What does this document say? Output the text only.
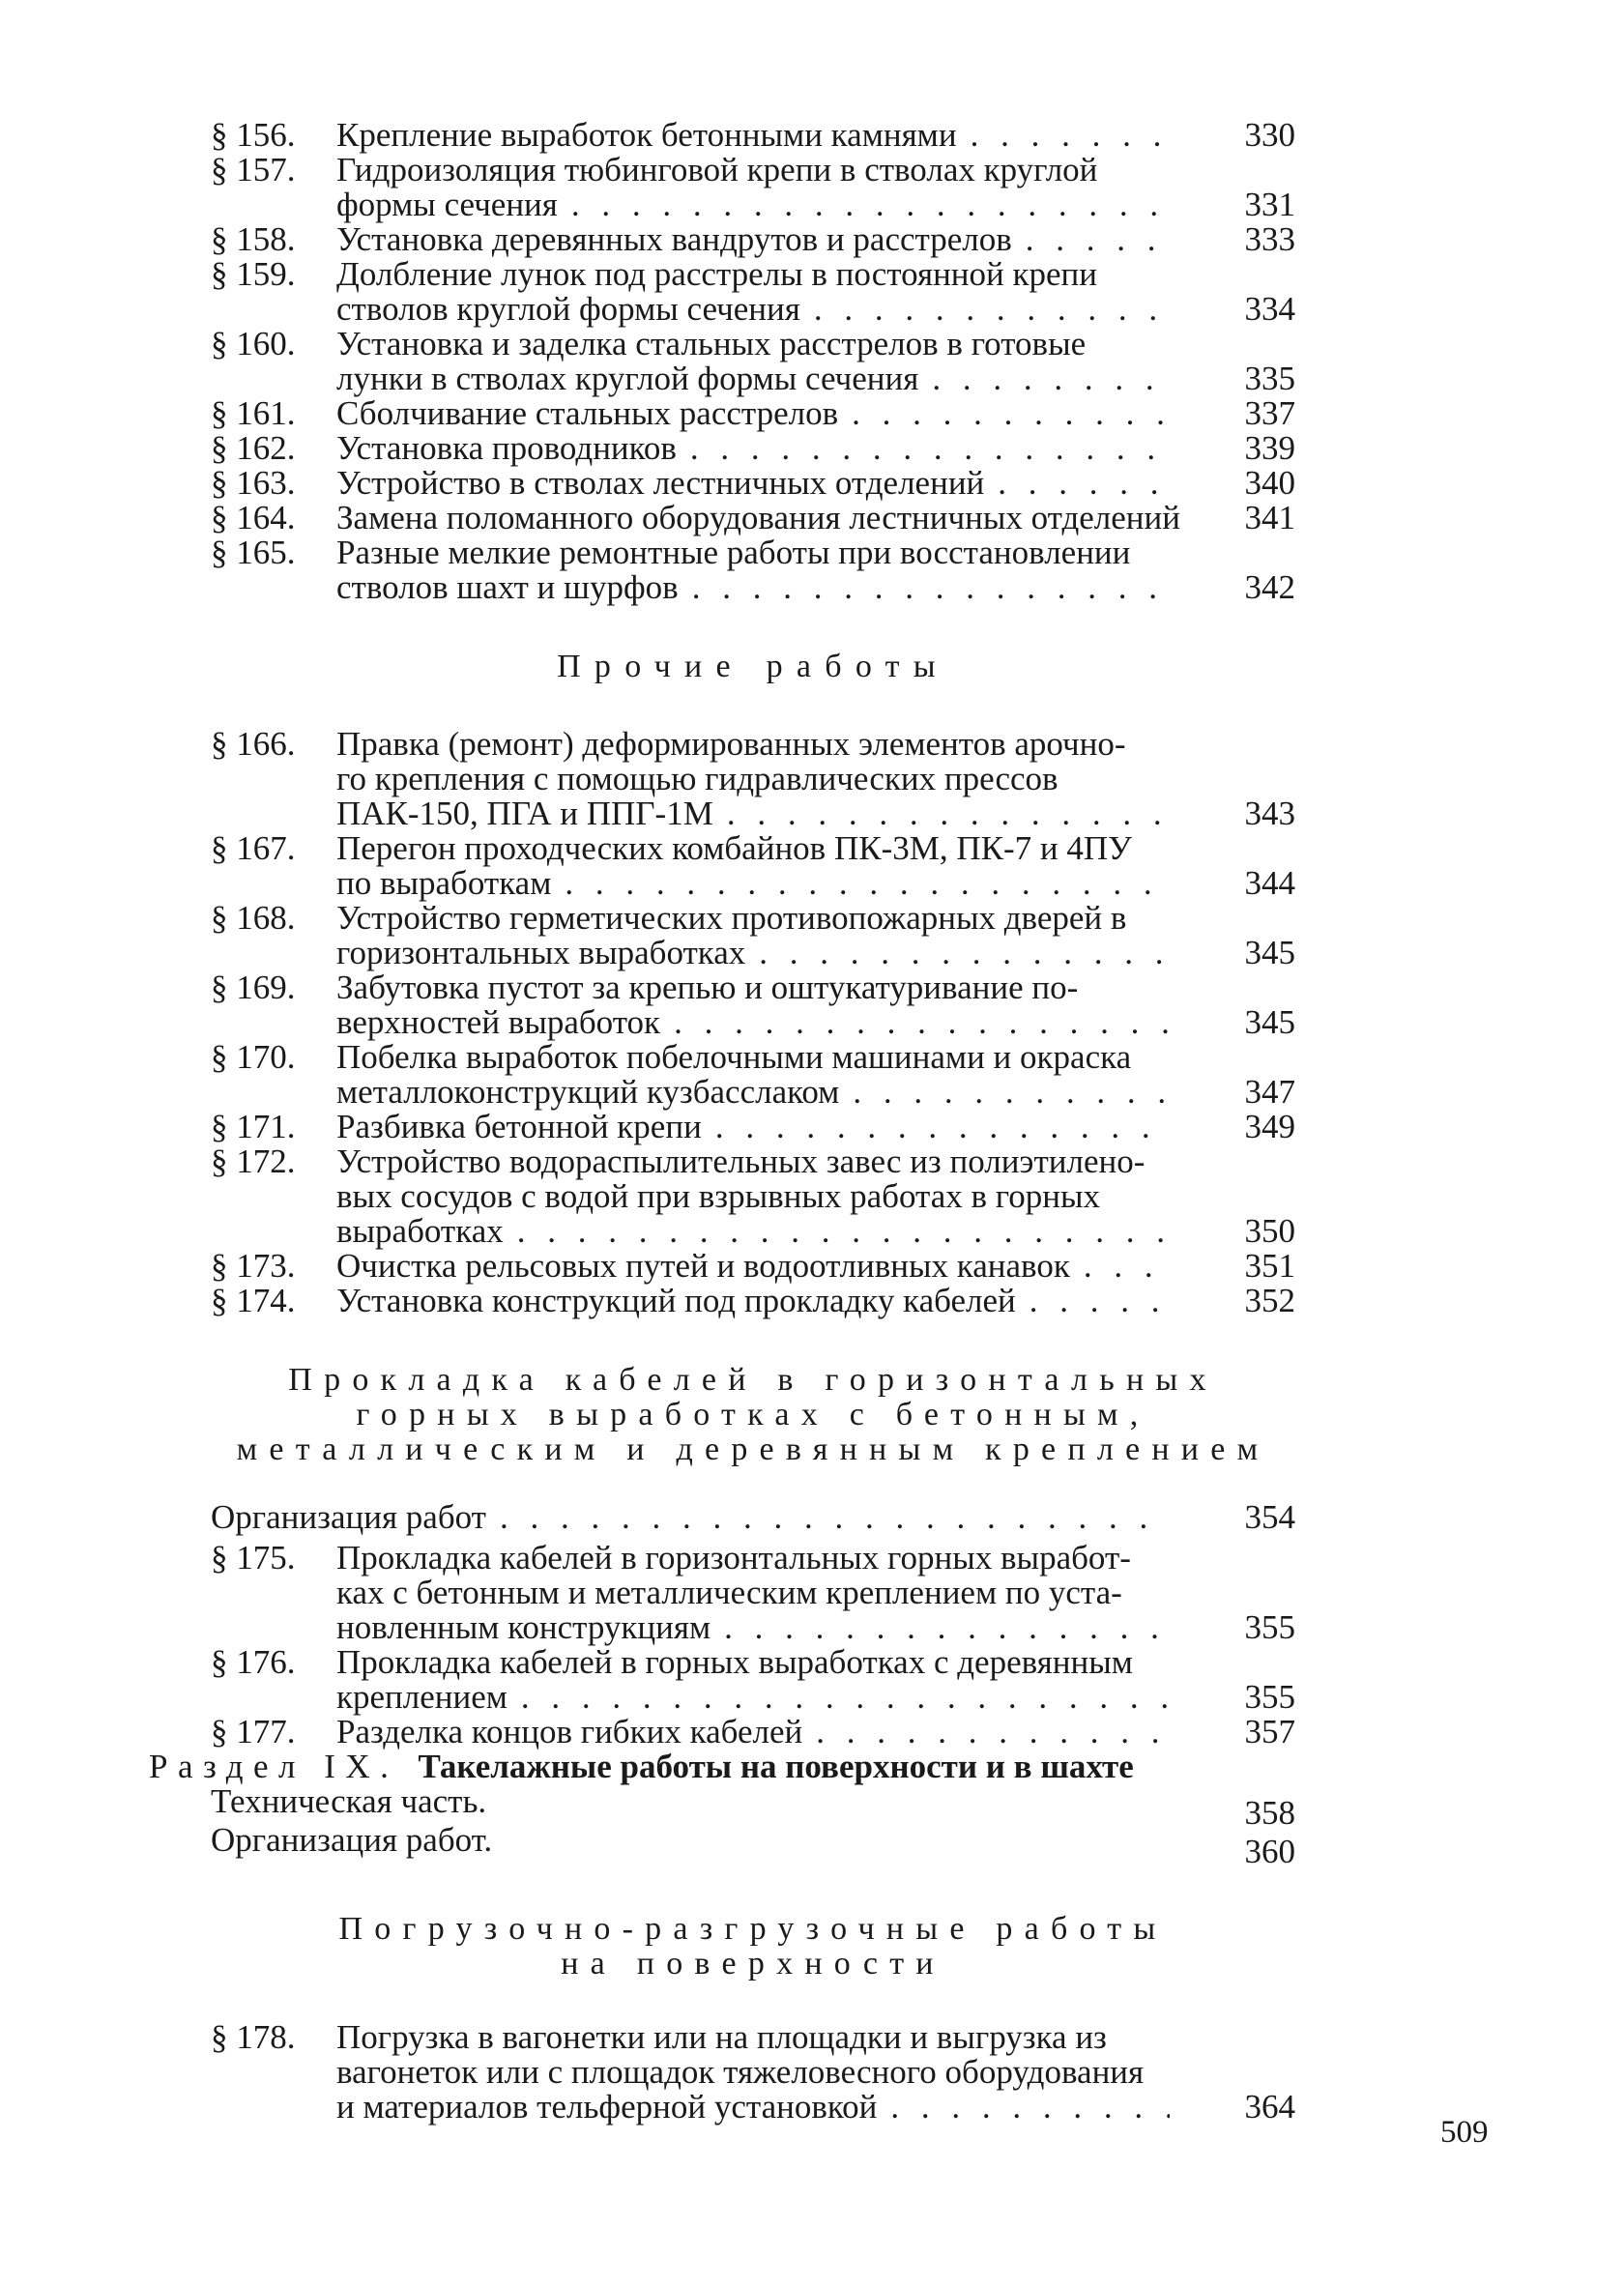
§ 156.	Крепление выработок бетонными камнями . .	330
§ 157.	Гидроизоляция тюбинговой крепи в стволах круглой
формы сечения . .	331
§ 158.	Установка деревянных вандрутов и расстрелов . .	333
§ 159.	Долбление лунок под расстрелы в постоянной крепи
стволов круглой формы сечения . .	334
§ 160.	Установка и заделка стальных расстрелов в готовые
лунки в стволах круглой формы сечения . .	335
§ 161.	Сболчивание стальных расстрелов . .	337
§ 162.	Установка проводников . .	339
§ 163.	Устройство в стволах лестничных отделений . .	340
§ 164.	Замена поломанного оборудования лестничных отделений	341
§ 165.	Разные мелкие ремонтные работы при восстановлении
стволов шахт и шурфов . .	342
Прочие работы
§ 166.	Правка (ремонт) деформированных элементов арочно-
го крепления с помощью гидравлических прессов
ПАК-150, ПГА и ППГ-1М . .	343
§ 167.	Перегон проходческих комбайнов ПК-3М, ПК-7 и 4ПУ
по выработкам . .	344
§ 168.	Устройство герметических противопожарных дверей в
горизонтальных выработках . .	345
§ 169.	Забутовка пустот за крепью и оштукатуривание по-
верхностей выработок . .	345
§ 170.	Побелка выработок побелочными машинами и окраска
металлоконструкций кузбасслаком . .	347
§ 171.	Разбивка бетонной крепи . .	349
§ 172.	Устройство водораспылительных завес из полиэтилено-
вых сосудов с водой при взрывных работах в горных
выработках . .	350
§ 173.	Очистка рельсовых путей и водоотливных канавок . .	351
§ 174.	Установка конструкций под прокладку кабелей . .	352
Прокладка кабелей в горизонтальных
горных выработках с бетонным,
металлическим и деревянным креплением
Организация работ . .	354
§ 175.	Прокладка кабелей в горизонтальных горных выработ-
ках с бетонным и металлическим креплением по уста-
новленным конструкциям . .	355
§ 176.	Прокладка кабелей в горных выработках с деревянным
креплением . .	355
§ 177.	Разделка концов гибких кабелей . .	357
Раздел IX. Такелажные работы на поверхности и в шахте
Техническая часть.	358
Организация работ.	360
Погрузочно-разгрузочные работы
на поверхности
§ 178.	Погрузка в вагонетки или на площадки и выгрузка из
вагонеток или с площадок тяжеловесного оборудования
и материалов тельферной установкой . .	364
509
